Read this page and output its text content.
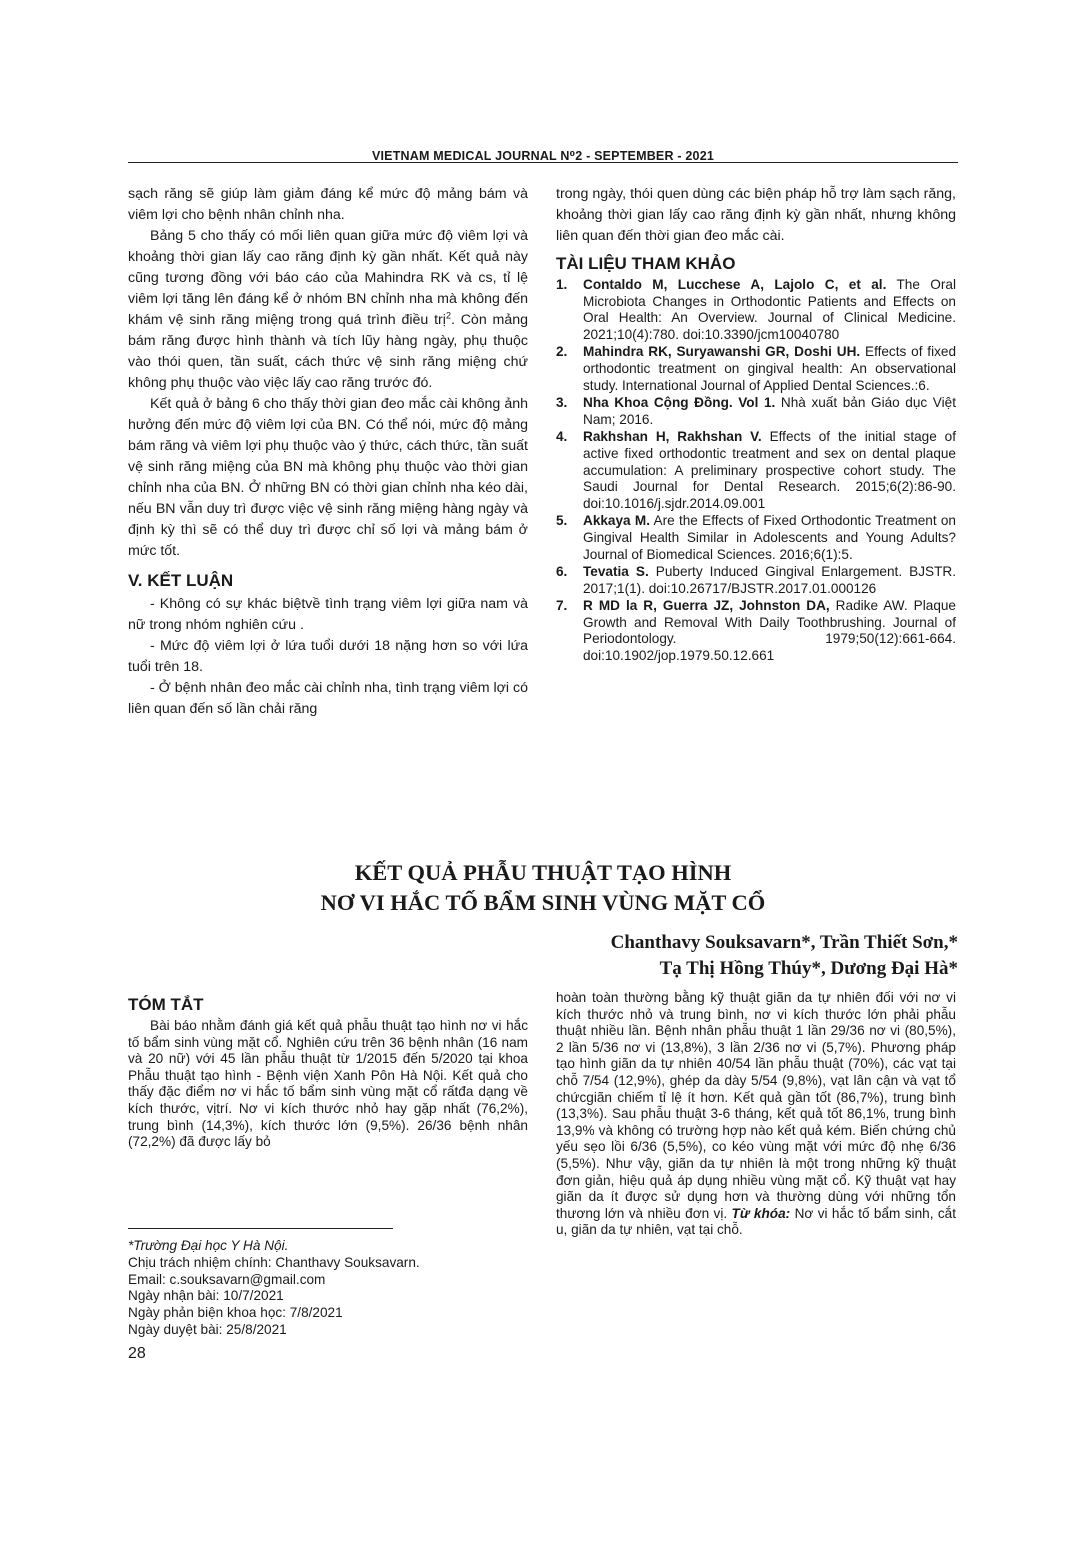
VIETNAM MEDICAL JOURNAL N⁰2 - SEPTEMBER - 2021

sạch răng sẽ giúp làm giảm đáng kể mức độ mảng bám và viêm lợi cho bệnh nhân chỉnh nha.

Bảng 5 cho thấy có mối liên quan giữa mức độ viêm lợi và khoảng thời gian lấy cao răng định kỳ gần nhất. Kết quả này cũng tương đồng với báo cáo của Mahindra RK và cs, tỉ lệ viêm lợi tăng lên đáng kể ở nhóm BN chỉnh nha mà không đến khám vệ sinh răng miệng trong quá trình điều trị$^2$. Còn mảng bám răng được hình thành và tích lũy hàng ngày, phụ thuộc vào thói quen, tần suất, cách thức vệ sinh răng miệng chứ không phụ thuộc vào việc lấy cao răng trước đó.

Kết quả ở bảng 6 cho thấy thời gian đeo mắc cài không ảnh hưởng đến mức độ viêm lợi của BN. Có thể nói, mức độ mảng bám răng và viêm lợi phụ thuộc vào ý thức, cách thức, tần suất vệ sinh răng miệng của BN mà không phụ thuộc vào thời gian chỉnh nha của BN. Ở những BN có thời gian chỉnh nha kéo dài, nếu BN vẫn duy trì được việc vệ sinh răng miệng hàng ngày và định kỳ thì sẽ có thể duy trì được chỉ số lợi và mảng bám ở mức tốt.

V. KẾT LUẬN

- Không có sự khác biệtvề tình trạng viêm lợi giữa nam và nữ trong nhóm nghiên cứu .

- Mức độ viêm lợi ở lứa tuổi dưới 18 nặng hơn so với lứa tuổi trên 18.

- Ở bệnh nhân đeo mắc cài chỉnh nha, tình trạng viêm lợi có liên quan đến số lần chải răng

trong ngày, thói quen dùng các biện pháp hỗ trợ làm sạch răng, khoảng thời gian lấy cao răng định kỳ gần nhất, nhưng không liên quan đến thời gian đeo mắc cài.

TÀI LIỆU THAM KHẢO
1.	Contaldo M, Lucchese A, Lajolo C, et al. The Oral Microbiota Changes in Orthodontic Patients and Effects on Oral Health: An Overview. Journal of Clinical Medicine. 2021;10(4):780. doi:10.3390/jcm10040780
2.	Mahindra RK, Suryawanshi GR, Doshi UH. Effects of fixed orthodontic treatment on gingival health: An observational study. International Journal of Applied Dental Sciences.:6.
3.	Nha Khoa Cộng Đồng. Vol 1. Nhà xuất bản Giáo dục Việt Nam; 2016.
4.	Rakhshan H, Rakhshan V. Effects of the initial stage of active fixed orthodontic treatment and sex on dental plaque accumulation: A preliminary prospective cohort study. The Saudi Journal for Dental Research. 2015;6(2):86-90. doi:10.1016/j.sjdr.2014.09.001
5.	Akkaya M. Are the Effects of Fixed Orthodontic Treatment on Gingival Health Similar in Adolescents and Young Adults? Journal of Biomedical Sciences. 2016;6(1):5.
6.	Tevatia S. Puberty Induced Gingival Enlargement. BJSTR. 2017;1(1). doi:10.26717/BJSTR.2017.01.000126
7.	R MD la R, Guerra JZ, Johnston DA, Radike AW. Plaque Growth and Removal With Daily Toothbrushing. Journal of Periodontology. 1979;50(12):661-664. doi:10.1902/jop.1979.50.12.661
KẾT QUẢ PHẪU THUẬT TẠO HÌNH
NƠ VI HẮC TỐ BẨM SINH VÙNG MẶT CỔ
Chanthavy Souksavarn*, Trần Thiết Sơn,*
Tạ Thị Hồng Thúy*, Dương Đại Hà*
TÓM TẮT

Bài báo nhằm đánh giá kết quả phẫu thuật tạo hình nơ vi hắc tố bẩm sinh vùng mặt cổ. Nghiên cứu trên 36 bệnh nhân (16 nam và 20 nữ) với 45 lần phẫu thuật từ 1/2015 đến 5/2020 tại khoa Phẫu thuật tạo hình - Bệnh viện Xanh Pôn Hà Nội. Kết quả cho thấy đặc điểm nơ vi hắc tố bẩm sinh vùng mặt cổ rấtđa dạng về kích thước, vịtrí. Nơ vi kích thước nhỏ hay gặp nhất (76,2%), trung bình (14,3%), kích thước lớn (9,5%). 26/36 bệnh nhân (72,2%) đã được lấy bỏ

hoàn toàn thường bằng kỹ thuật giãn da tự nhiên đối với nơ vi kích thước nhỏ và trung bình, nơ vi kích thước lớn phải phẫu thuật nhiều lần. Bệnh nhân phẫu thuật 1 lần 29/36 nơ vi (80,5%), 2 lần 5/36 nơ vi (13,8%), 3 lần 2/36 nơ vi (5,7%). Phương pháp tạo hình giãn da tự nhiên 40/54 lần phẫu thuật (70%), các vạt tại chỗ 7/54 (12,9%), ghép da dày 5/54 (9,8%), vạt lân cận và vạt tổ chứcgiãn chiếm tỉ lệ ít hơn. Kết quả gần tốt (86,7%), trung bình (13,3%). Sau phẫu thuật 3-6 tháng, kết quả tốt 86,1%, trung bình 13,9% và không có trường hợp nào kết quả kém. Biến chứng chủ yếu sẹo lồi 6/36 (5,5%), co kéo vùng mặt với mức độ nhẹ 6/36 (5,5%). Như vậy, giãn da tự nhiên là một trong những kỹ thuật đơn giản, hiệu quả áp dụng nhiều vùng mặt cổ. Kỹ thuật vạt hay giãn da ít được sử dụng hơn và thường dùng với những tổn thương lớn và nhiều đơn vị. Từ khóa: Nơ vi hắc tố bẩm sinh, cắt u, giãn da tự nhiên, vạt tại chỗ.

*Trường Đại học Y Hà Nội.
Chịu trách nhiệm chính: Chanthavy Souksavarn.
Email: c.souksavarn@gmail.com
Ngày nhận bài: 10/7/2021
Ngày phản biện khoa học: 7/8/2021
Ngày duyệt bài: 25/8/2021
28
